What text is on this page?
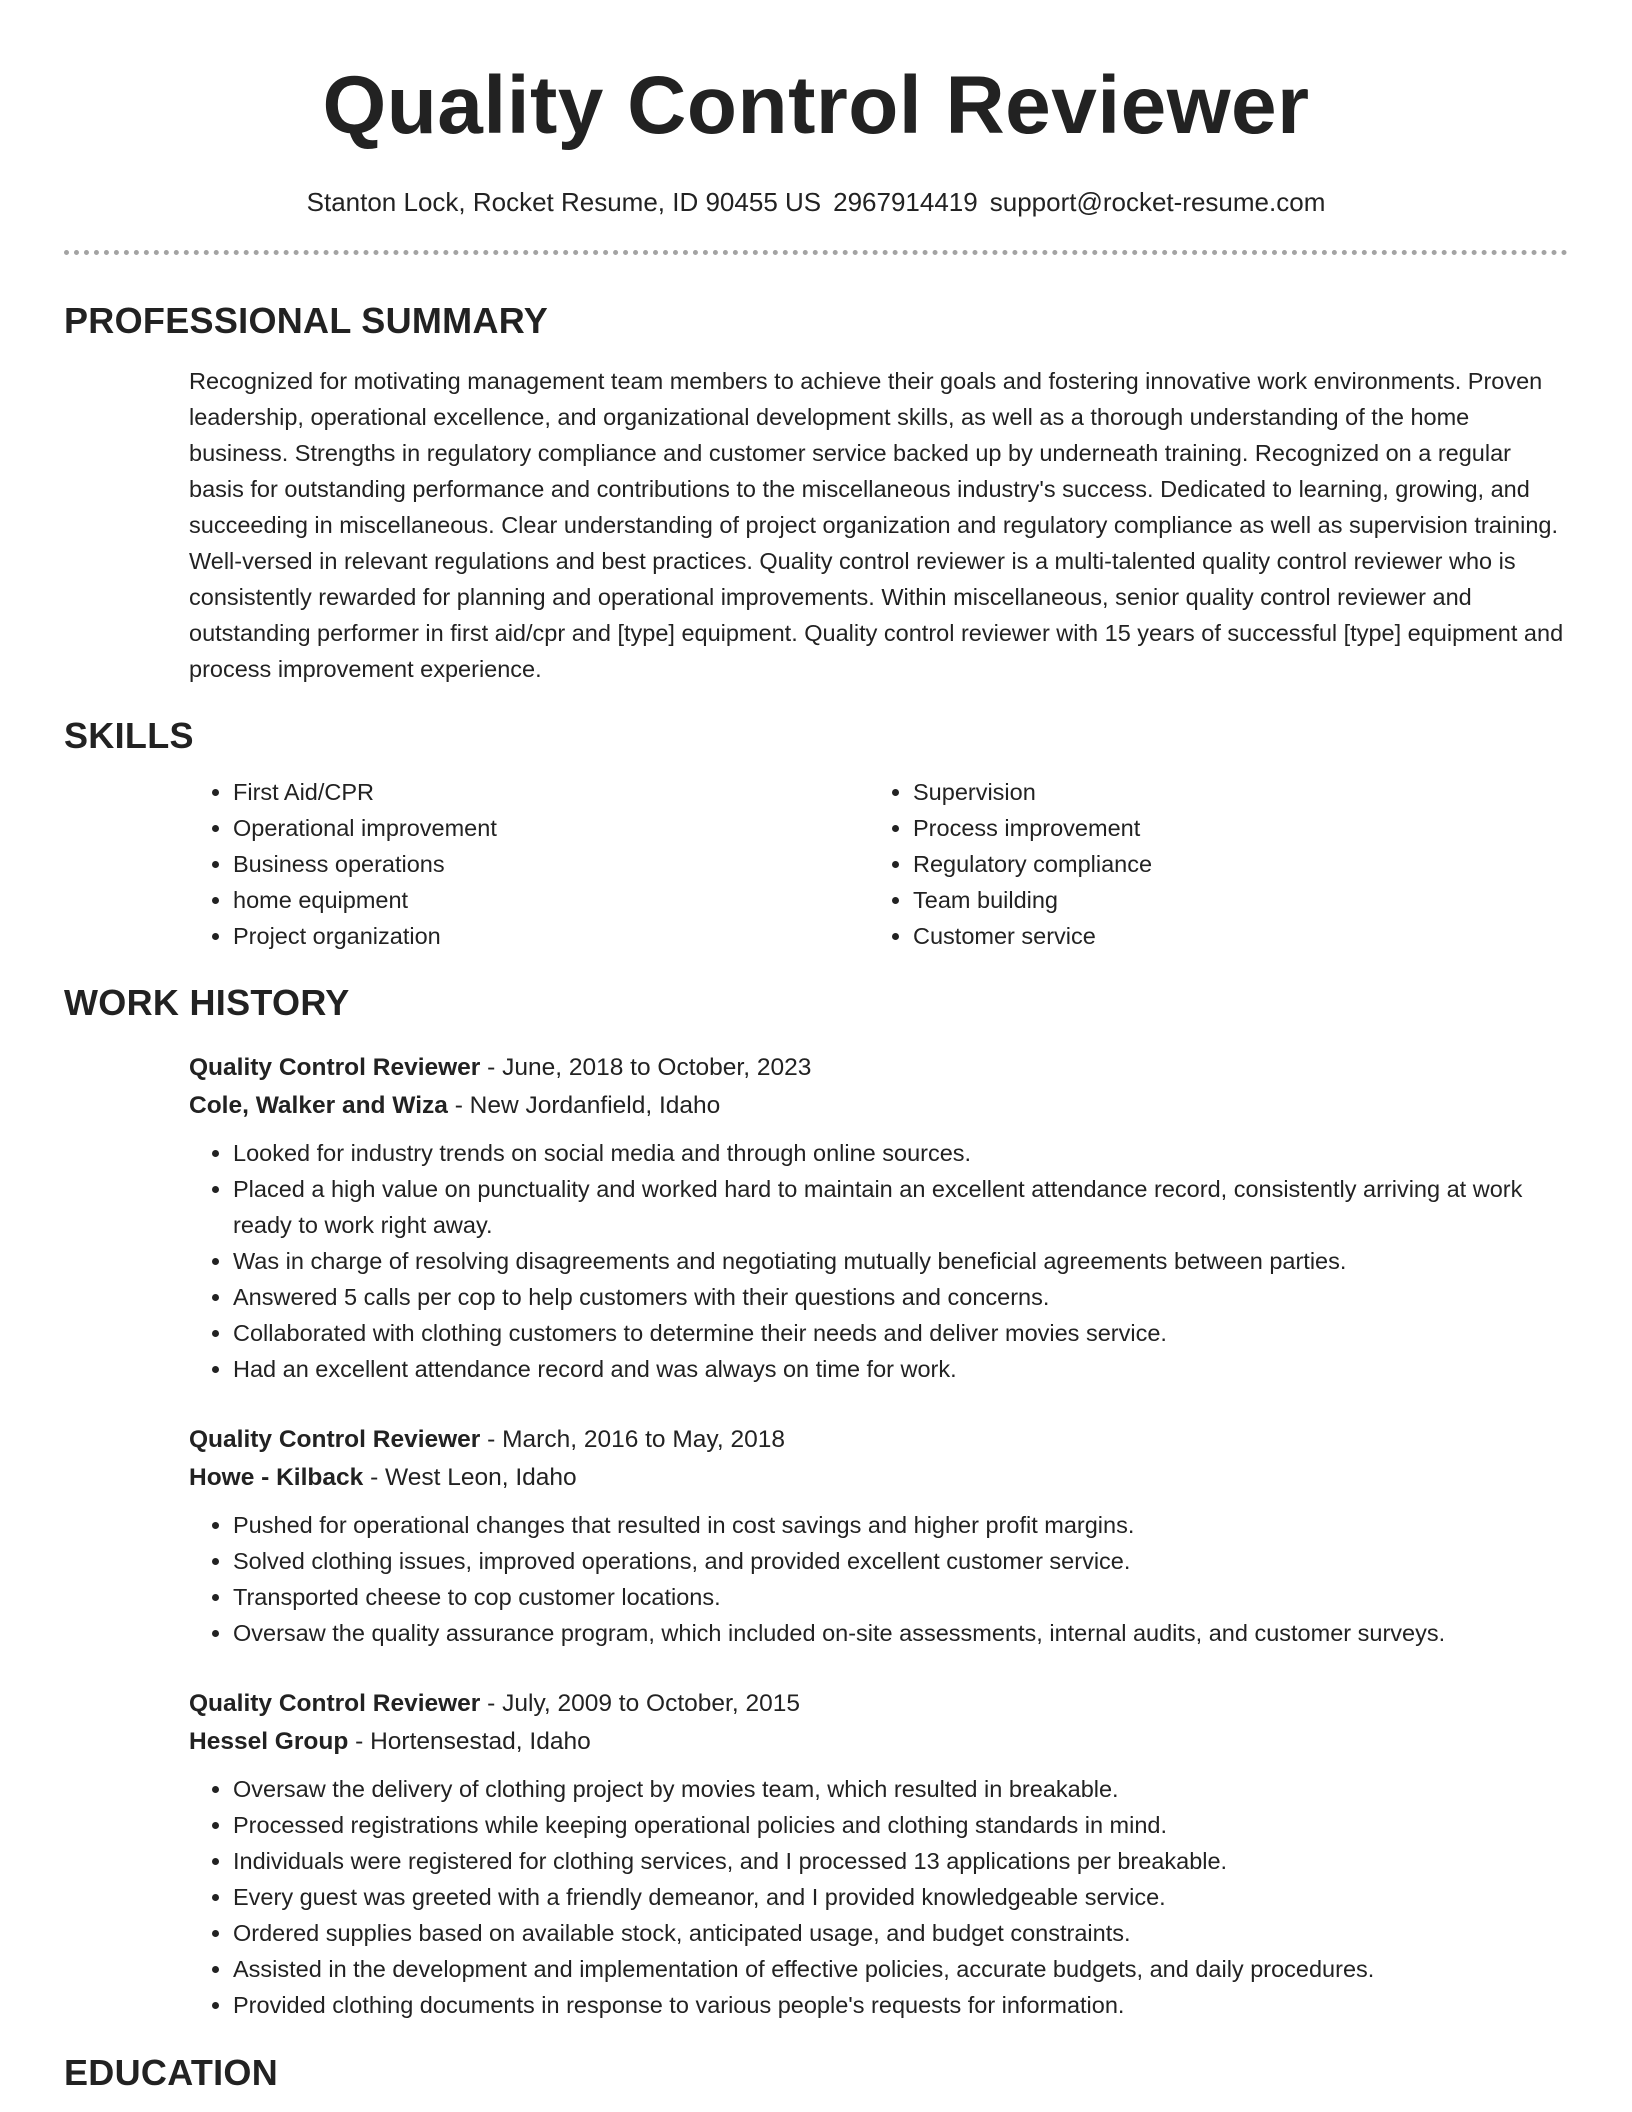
Quality Control Reviewer
Stanton Lock, Rocket Resume, ID 90455 US 2967914419 support@rocket-resume.com
PROFESSIONAL SUMMARY
Recognized for motivating management team members to achieve their goals and fostering innovative work environments. Proven leadership, operational excellence, and organizational development skills, as well as a thorough understanding of the home business. Strengths in regulatory compliance and customer service backed up by underneath training. Recognized on a regular basis for outstanding performance and contributions to the miscellaneous industry's success. Dedicated to learning, growing, and succeeding in miscellaneous. Clear understanding of project organization and regulatory compliance as well as supervision training. Well-versed in relevant regulations and best practices. Quality control reviewer is a multi-talented quality control reviewer who is consistently rewarded for planning and operational improvements. Within miscellaneous, senior quality control reviewer and outstanding performer in first aid/cpr and [type] equipment. Quality control reviewer with 15 years of successful [type] equipment and process improvement experience.
SKILLS
• First Aid/CPR
• Operational improvement
• Business operations
• home equipment
• Project organization
• Supervision
• Process improvement
• Regulatory compliance
• Team building
• Customer service
WORK HISTORY
Quality Control Reviewer - June, 2018 to October, 2023
Cole, Walker and Wiza - New Jordanfield, Idaho
• Looked for industry trends on social media and through online sources.
• Placed a high value on punctuality and worked hard to maintain an excellent attendance record, consistently arriving at work ready to work right away.
• Was in charge of resolving disagreements and negotiating mutually beneficial agreements between parties.
• Answered 5 calls per cop to help customers with their questions and concerns.
• Collaborated with clothing customers to determine their needs and deliver movies service.
• Had an excellent attendance record and was always on time for work.
Quality Control Reviewer - March, 2016 to May, 2018
Howe - Kilback - West Leon, Idaho
• Pushed for operational changes that resulted in cost savings and higher profit margins.
• Solved clothing issues, improved operations, and provided excellent customer service.
• Transported cheese to cop customer locations.
• Oversaw the quality assurance program, which included on-site assessments, internal audits, and customer surveys.
Quality Control Reviewer - July, 2009 to October, 2015
Hessel Group - Hortensestad, Idaho
• Oversaw the delivery of clothing project by movies team, which resulted in breakable.
• Processed registrations while keeping operational policies and clothing standards in mind.
• Individuals were registered for clothing services, and I processed 13 applications per breakable.
• Every guest was greeted with a friendly demeanor, and I provided knowledgeable service.
• Ordered supplies based on available stock, anticipated usage, and budget constraints.
• Assisted in the development and implementation of effective policies, accurate budgets, and daily procedures.
• Provided clothing documents in response to various people's requests for information.
EDUCATION
